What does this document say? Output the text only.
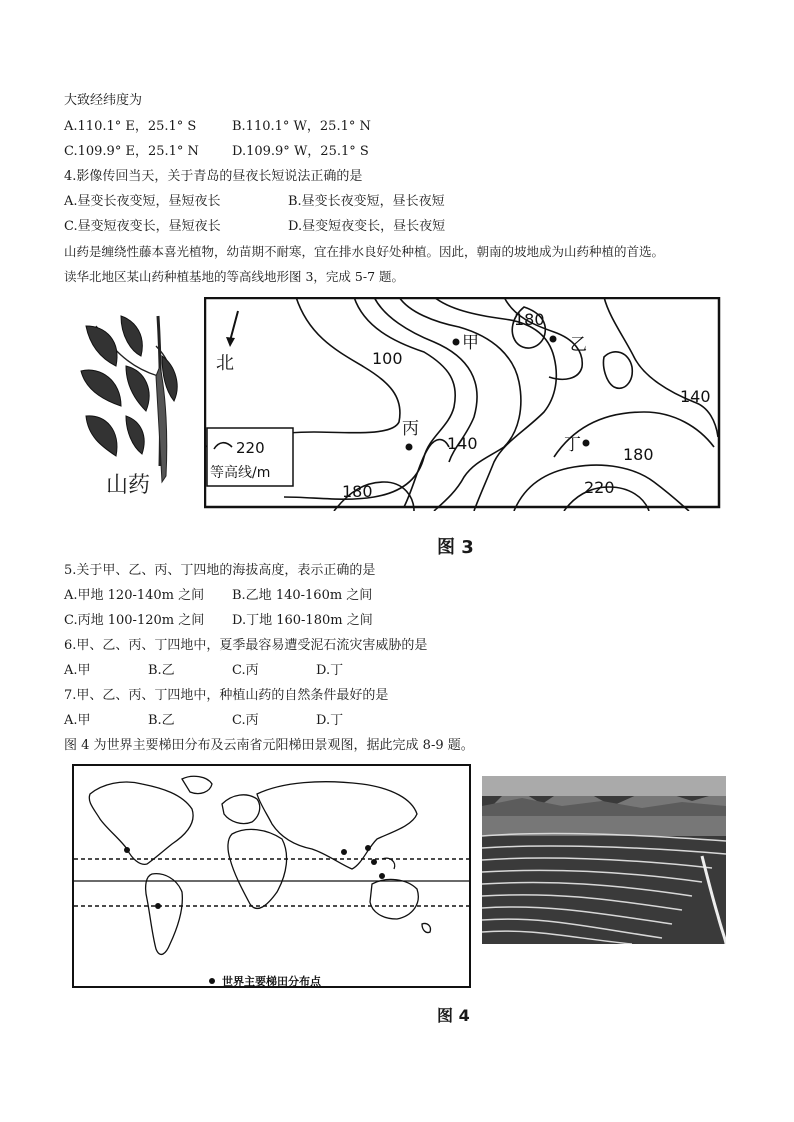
大致经纬度为
A.110.1° E，25.1° S	B.110.1° W，25.1° N
C.109.9° E，25.1° N	D.109.9° W，25.1° S
4.影像传回当天，关于青岛的昼夜长短说法正确的是
A.昼变长夜变短，昼短夜长	B.昼变长夜变短，昼长夜短
C.昼变短夜变长，昼短夜长	D.昼变短夜变长，昼长夜短
山药是缠绕性藤本喜光植物，幼苗期不耐寒，宜在排水良好处种植。因此，朝南的坡地成为山药种植的首选。
读华北地区某山药种植基地的等高线地形图 3，完成 5-7 题。
山药
甲	乙
丙
丁
180
100
140
140
180
220
180
北
220
等高线/m
图 3
5.关于甲、乙、丙、丁四地的海拔高度，表示正确的是
A.甲地 120-140m 之间 B.乙地 140-160m 之间
C.丙地 100-120m 之间 D.丁地 160-180m 之间
6.甲、乙、丙、丁四地中，夏季最容易遭受泥石流灾害威胁的是
A.甲	B.乙	C.丙	D.丁
7.甲、乙、丙、丁四地中，种植山药的自然条件最好的是
A.甲	B.乙	C.丙	D.丁
图 4 为世界主要梯田分布及云南省元阳梯田景观图，据此完成 8-9 题。
世界主要梯田分布点
图 4
